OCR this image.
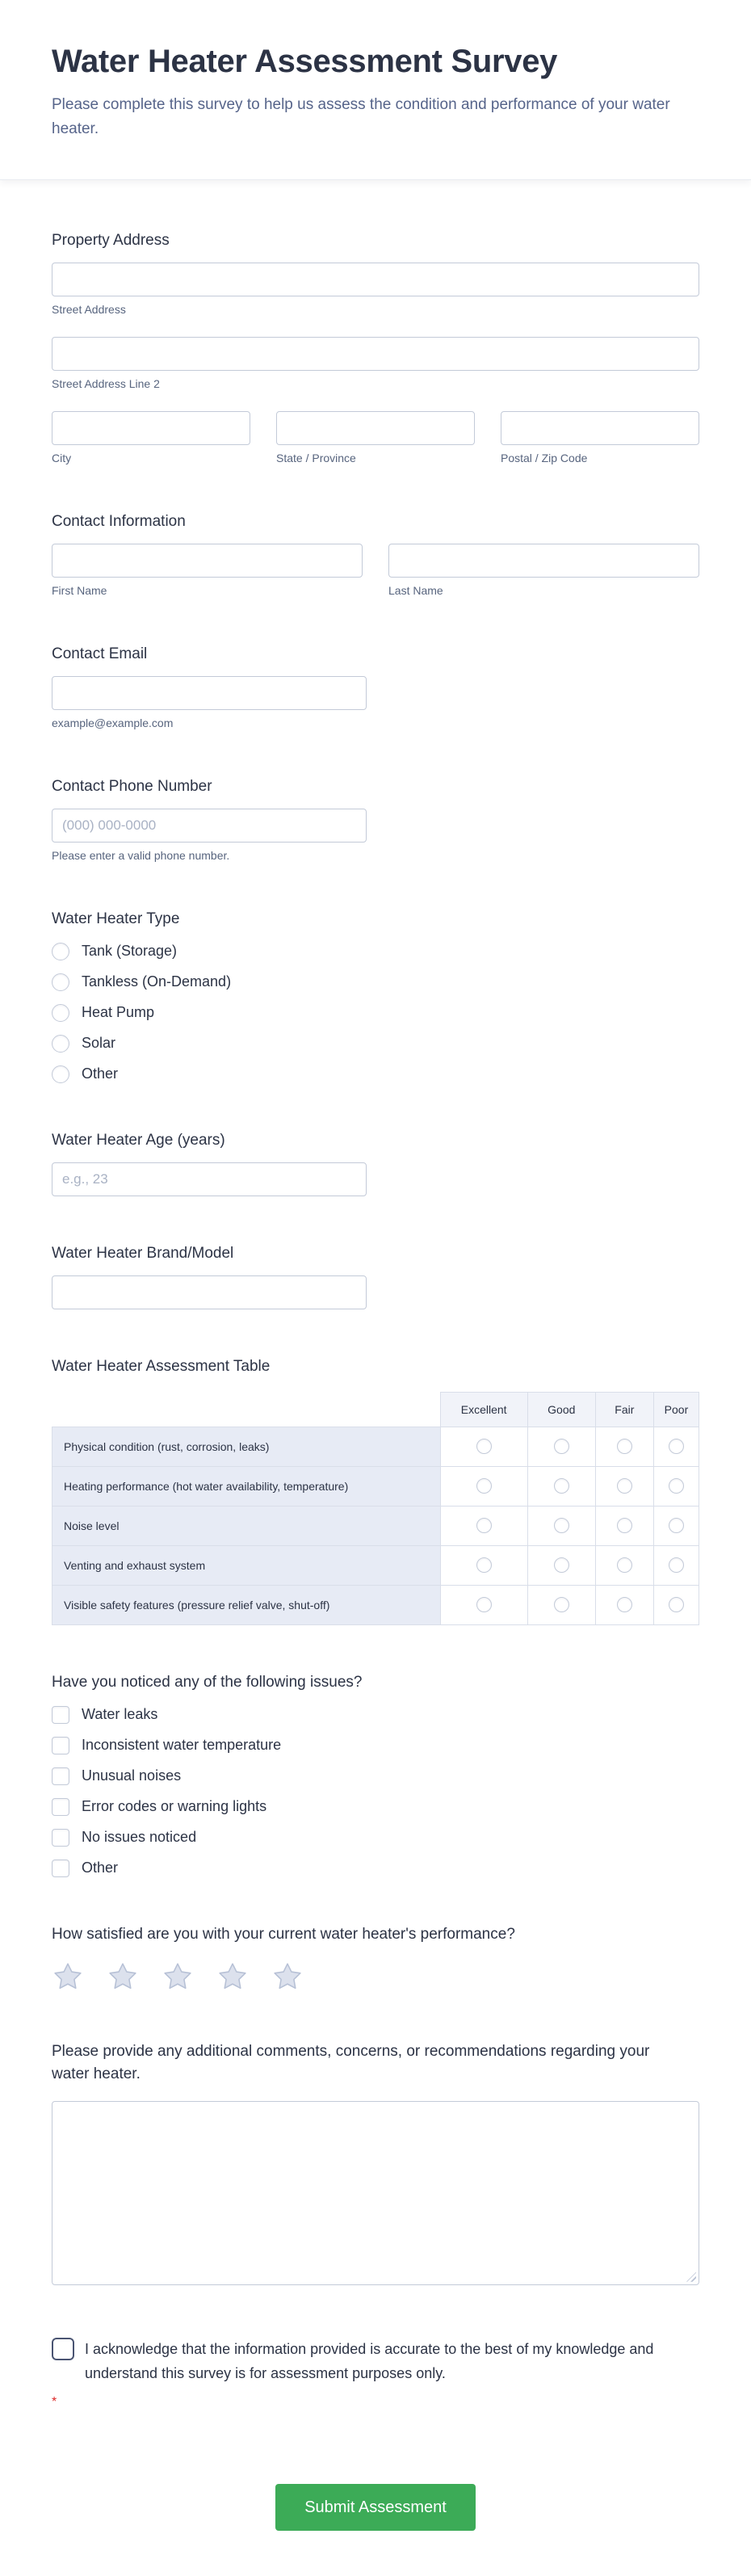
Water Heater Assessment Survey

Please complete this survey to help us assess the condition and performance of your water heater.

Property Address
Street Address
Street Address Line 2
City	State / Province	Postal / Zip Code
Contact Information
First Name	Last Name
Contact Email
example@example.com
Contact Phone Number
(000) 000-0000
Please enter a valid phone number.
Water Heater Type
Tank (Storage)
Tankless (On-Demand)
Heat Pump
Solar
Other
Water Heater Age (years)
e.g., 23
Water Heater Brand/Model
Water Heater Assessment Table
	Excellent	Good	Fair	Poor
Physical condition (rust, corrosion, leaks)				
Heating performance (hot water availability, temperature)				
Noise level				
Venting and exhaust system				
Visible safety features (pressure relief valve, shut-off)				
Have you noticed any of the following issues?
Water leaks
Inconsistent water temperature
Unusual noises
Error codes or warning lights
No issues noticed
Other
How satisfied are you with your current water heater's performance?
Please provide any additional comments, concerns, or recommendations regarding your water heater.
I acknowledge that the information provided is accurate to the best of my knowledge and understand this survey is for assessment purposes only.
*
Submit Assessment
